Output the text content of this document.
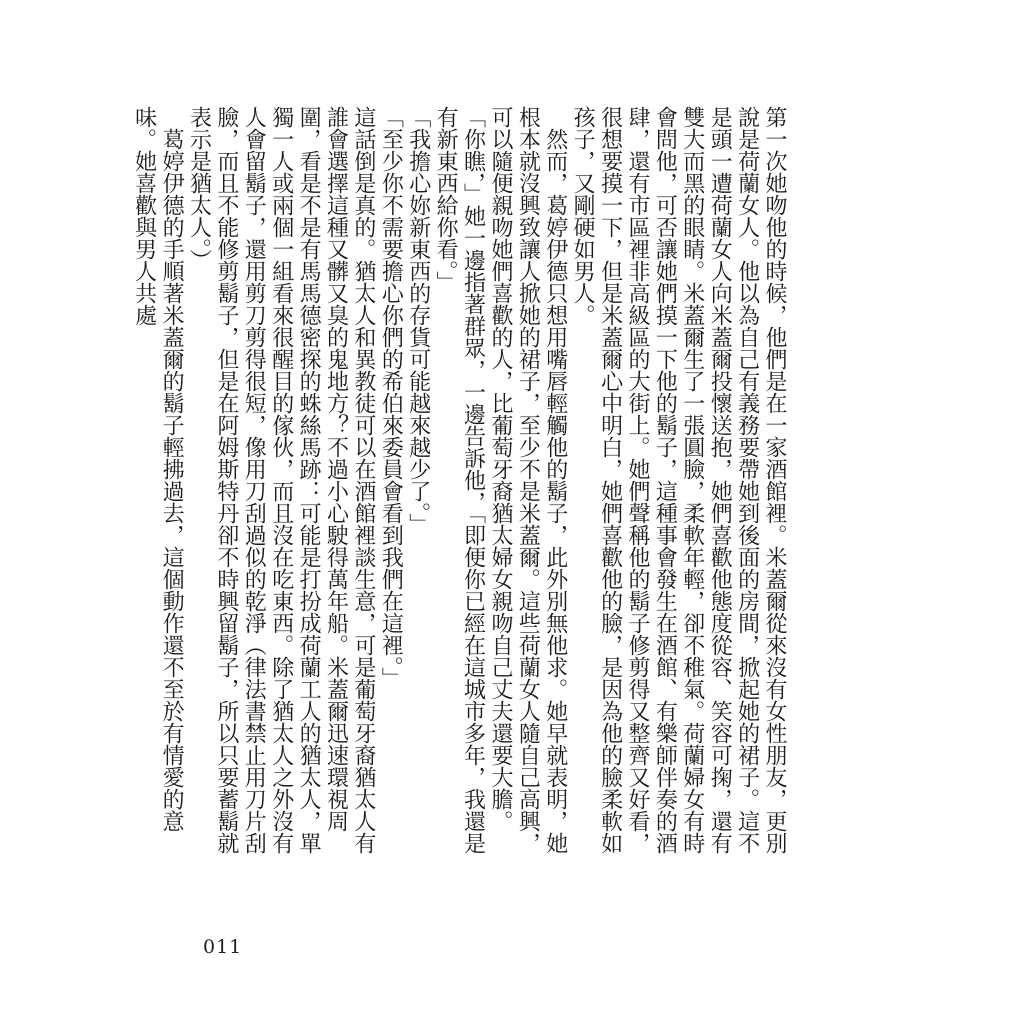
第一次她吻他的時候，他們是在一家酒館裡。米蓋爾從來沒有女性朋友，更別說是荷蘭女人。他以為自己有義務要帶她到後面的房間，掀起她的裙子。這不是頭一遭荷蘭女人向米蓋爾投懷送抱，她們喜歡他態度從容、笑容可掬，還有雙大而黑的眼睛。米蓋爾生了一張圓臉，柔軟年輕，卻不稚氣。荷蘭婦女有時會問他，可否讓她們摸一下他的鬍子，這種事會發生在酒館、有樂師伴奏的酒肆，還有市區裡非高級區的大街上。她們聲稱他的鬍子修剪得又整齊又好看，很想要摸一下，但是米蓋爾心中明白，她們喜歡他的臉，是因為他的臉柔軟如孩子，又剛硬如男人。

然而，葛婷伊德只想用嘴唇輕觸他的鬍子，此外別無他求。她早就表明，她根本就沒興致讓人掀她的裙子，至少不是米蓋爾。這些荷蘭女人隨自己高興，可以隨便親吻她們喜歡的人，比葡萄牙裔猶太婦女親吻自己丈夫還要大膽。

「你瞧，」她一邊指著群眾，一邊告訴他，「即便你已經在這城市多年，我還是有新東西給你看。」

「我擔心妳新東西的存貨可能越來越少了。」

「至少你不需要擔心你們的希伯來委員會看到我們在這裡。」

這話倒是真的。猶太人和異教徒可以在酒館裡談生意，可是葡萄牙裔猶太人有誰會選擇這種又髒又臭的鬼地方？不過小心駛得萬年船。米蓋爾迅速環視周圍，看是不是有馬馬德密探的蛛絲馬跡：可能是打扮成荷蘭工人的猶太人，單獨一人或兩個一組看來很醒目的傢伙，而且沒在吃東西。除了猶太人之外沒有人會留鬍子，還用剪刀剪得很短，像用刀刮過似的乾淨（律法書禁止用刀片刮臉，而且不能修剪鬍子，但是在阿姆斯特丹卻不時興留鬍子，所以只要蓄鬍就表示是猶太人。）

葛婷伊德的手順著米蓋爾的鬍子輕拂過去，這個動作還不至於有情愛的意味。她喜歡與男人共處

011
